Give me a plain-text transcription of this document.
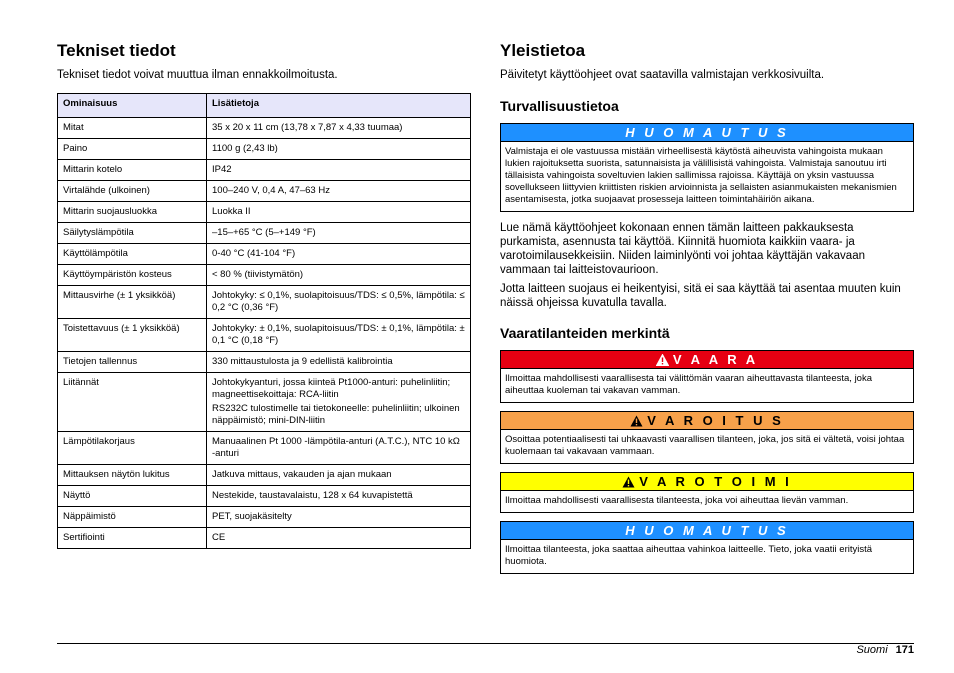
Tekniset tiedot

Tekniset tiedot voivat muuttua ilman ennakkoilmoitusta.

Ominaisuus	Lisätietoja
Mitat	35 x 20 x 11 cm (13,78 x 7,87 x 4,33 tuumaa)

Paino	1100 g (2,43 lb)

Mittarin kotelo	IP42

Virtalähde (ulkoinen)	100–240 V, 0,4 A, 47–63 Hz

Mittarin suojausluokka	Luokka II

Säilytyslämpötila	–15–+65 °C (5–+149 °F)

Käyttölämpötila	0-40 °C (41-104 °F)

Käyttöympäristön kosteus	< 80 % (tiivistymätön)

Mittausvirhe (± 1 yksikköä)	Johtokyky: ≤ 0,1%, suolapitoisuus/TDS: ≤ 0,5%, lämpötila: ≤ 0,2 °C (0,36 °F)

Toistettavuus (± 1 yksikköä)	Johtokyky: ± 0,1%, suolapitoisuus/TDS: ± 0,1%, lämpötila: ± 0,1 °C (0,18 °F)

Tietojen tallennus	330 mittaustulosta ja 9 edellistä kalibrointia

Liitännät	Johtokykyanturi, jossa kiinteä Pt1000-anturi: puhelinliitin; magneettisekoittaja: RCA-liitin

RS232C tulostimelle tai tietokoneelle: puhelinliitin; ulkoinen näppäimistö; mini-DIN-liitin

Lämpötilakorjaus	Manuaalinen Pt 1000 -lämpötila-anturi (A.T.C.), NTC 10 kΩ -anturi

Mittauksen näytön lukitus	Jatkuva mittaus, vakauden ja ajan mukaan

Näyttö	Nestekide, taustavalaistu, 128 x 64 kuvapistettä

Näppäimistö	PET, suojakäsitelty

Sertifiointi	CE

Yleistietoa

Päivitetyt käyttöohjeet ovat saatavilla valmistajan verkkosivuilta.

Turvallisuustietoa
H U O M A U T U S
Valmistaja ei ole vastuussa mistään virheellisestä käytöstä aiheuvista vahingoista mukaan lukien rajoituksetta suorista, satunnaisista ja välillisistä vahingoista. Valmistaja sanoutuu irti tällaisista vahingoista soveltuvien lakien sallimissa rajoissa. Käyttäjä on yksin vastuussa sovellukseen liittyvien kriittisten riskien arvioinnista ja sellaisten asianmukaisten mekanismien asentamisesta, jotka suojaavat prosesseja laitteen toimintahäiriön aikana.

Lue nämä käyttöohjeet kokonaan ennen tämän laitteen pakkauksesta purkamista, asennusta tai käyttöä. Kiinnitä huomiota kaikkiin vaara- ja varotoimilausekkeisiin. Niiden laiminlyönti voi johtaa käyttäjän vakavaan vammaan tai laitteistovaurioon.

Jotta laitteen suojaus ei heikentyisi, sitä ei saa käyttää tai asentaa muuten kuin näissä ohjeissa kuvatulla tavalla.

Vaaratilanteiden merkintä
V A A R A
Ilmoittaa mahdollisesti vaarallisesta tai välittömän vaaran aiheuttavasta tilanteesta, joka aiheuttaa kuoleman tai vakavan vamman.
V A R O I T U S
Osoittaa potentiaalisesti tai uhkaavasti vaarallisen tilanteen, joka, jos sitä ei vältetä, voisi johtaa kuolemaan tai vakavaan vammaan.
V A R O T O I M I
Ilmoittaa mahdollisesti vaarallisesta tilanteesta, joka voi aiheuttaa lievän vamman.
H U O M A U T U S
Ilmoittaa tilanteesta, joka saattaa aiheuttaa vahinkoa laitteelle. Tieto, joka vaatii erityistä huomiota.
Suomi 171
